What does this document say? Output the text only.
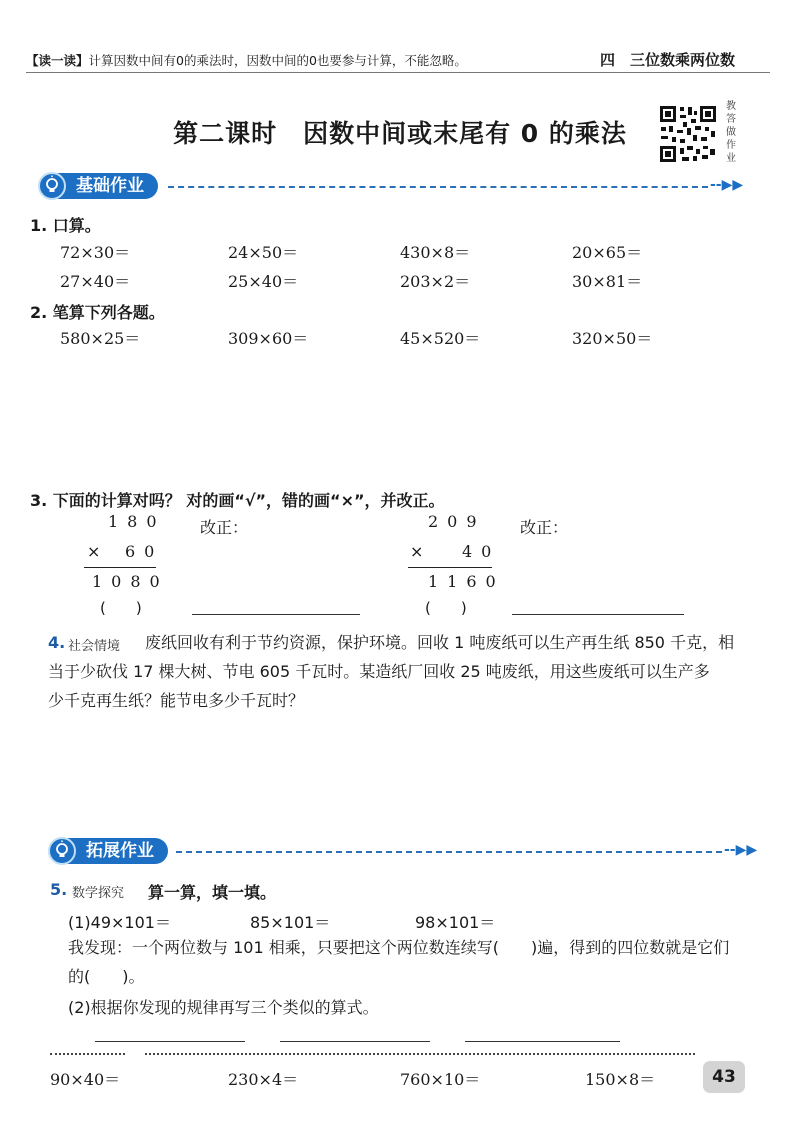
【读一读】计算因数中间有0的乘法时，因数中间的0也要参与计算，不能忽略。	四　三位数乘两位数
第二课时　因数中间或末尾有 0 的乘法
教答做作业
基础作业	--▶▶
1. 口算。
72×30＝	24×50＝	430×8＝	20×65＝
27×40＝	25×40＝	203×2＝	30×81＝
2. 笔算下列各题。
580×25＝	309×60＝	45×520＝	320×50＝
3. 下面的计算对吗？ 对的画“√”，错的画“×”，并改正。
180
× 60
1080
(　　)
改正：	209
× 40
1160
(　　)
改正：
4. 社会情境 废纸回收有利于节约资源，保护环境。回收 1 吨废纸可以生产再生纸 850 千克，相
当于少砍伐 17 棵大树、节电 605 千瓦时。某造纸厂回收 25 吨废纸，用这些废纸可以生产多
少千克再生纸？能节电多少千瓦时？
拓展作业	--▶▶
5. 数学探究 算一算，填一填。
(1)49×101＝	85×101＝	98×101＝
我发现：一个两位数与 101 相乘，只要把这个两位数连续写(　　)遍，得到的四位数就是它们
的(　　)。
(2)根据你发现的规律再写三个类似的算式。
90×40＝	230×4＝	760×10＝	150×8＝	43
